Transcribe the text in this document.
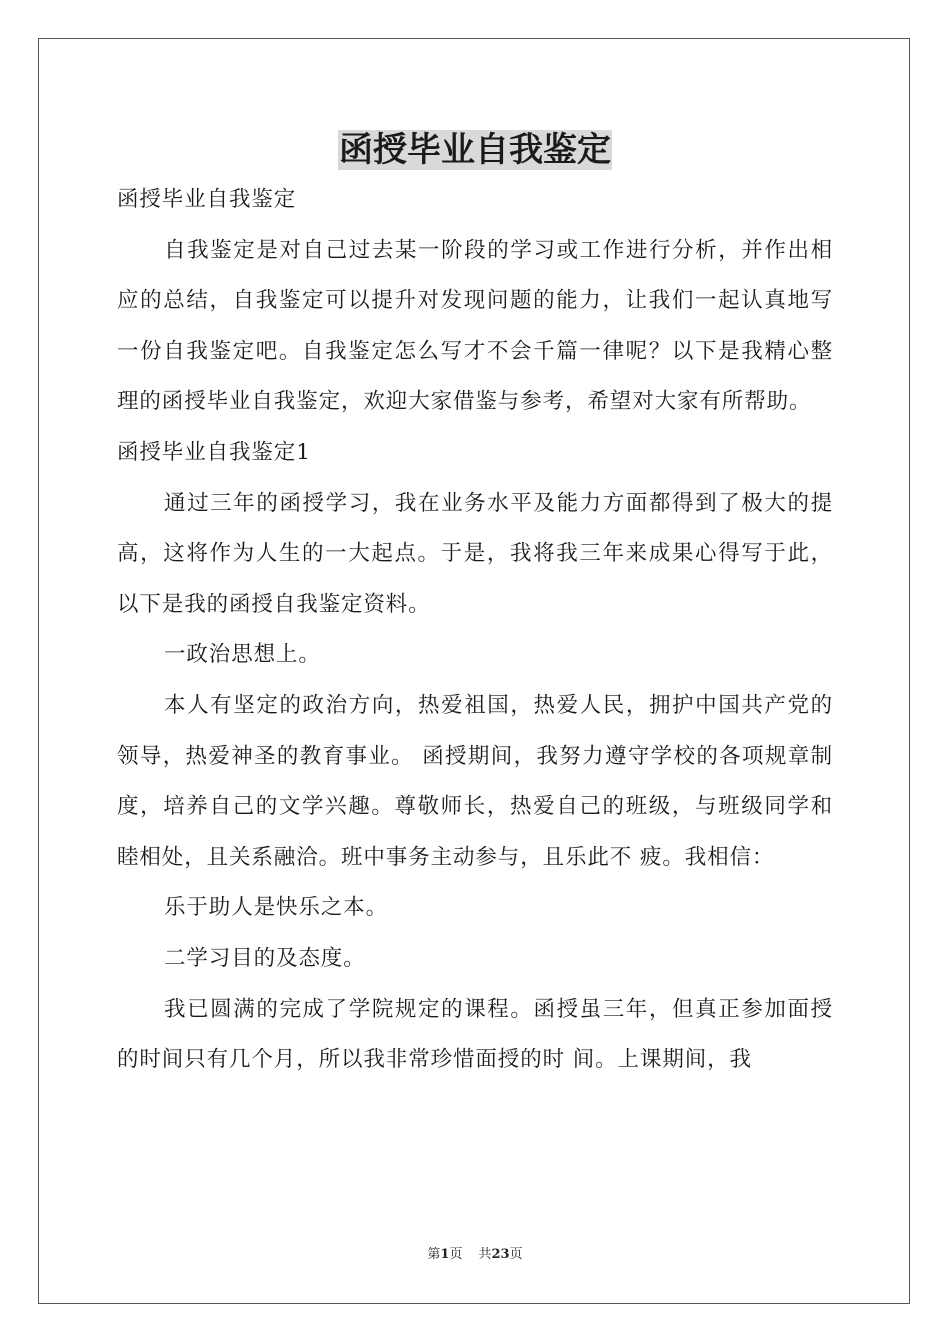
函授毕业自我鉴定

函授毕业自我鉴定

自我鉴定是对自己过去某一阶段的学习或工作进行分析，并作出相应的总结，自我鉴定可以提升对发现问题的能力，让我们一起认真地写一份自我鉴定吧。自我鉴定怎么写才不会千篇一律呢？以下是我精心整理的函授毕业自我鉴定，欢迎大家借鉴与参考，希望对大家有所帮助。

函授毕业自我鉴定1

通过三年的函授学习，我在业务水平及能力方面都得到了极大的提高，这将作为人生的一大起点。于是，我将我三年来成果心得写于此，以下是我的函授自我鉴定资料。

一政治思想上。

本人有坚定的政治方向，热爱祖国，热爱人民，拥护中国共产党的领导，热爱神圣的教育事业。 函授期间，我努力遵守学校的各项规章制度，培养自己的文学兴趣。尊敬师长，热爱自己的班级，与班级同学和睦相处，且关系融洽。班中事务主动参与，且乐此不 疲。我相信：

乐于助人是快乐之本。

二学习目的及态度。

我已圆满的完成了学院规定的课程。函授虽三年，但真正参加面授的时间只有几个月，所以我非常珍惜面授的时 间。上课期间，我

第1页 共23页
